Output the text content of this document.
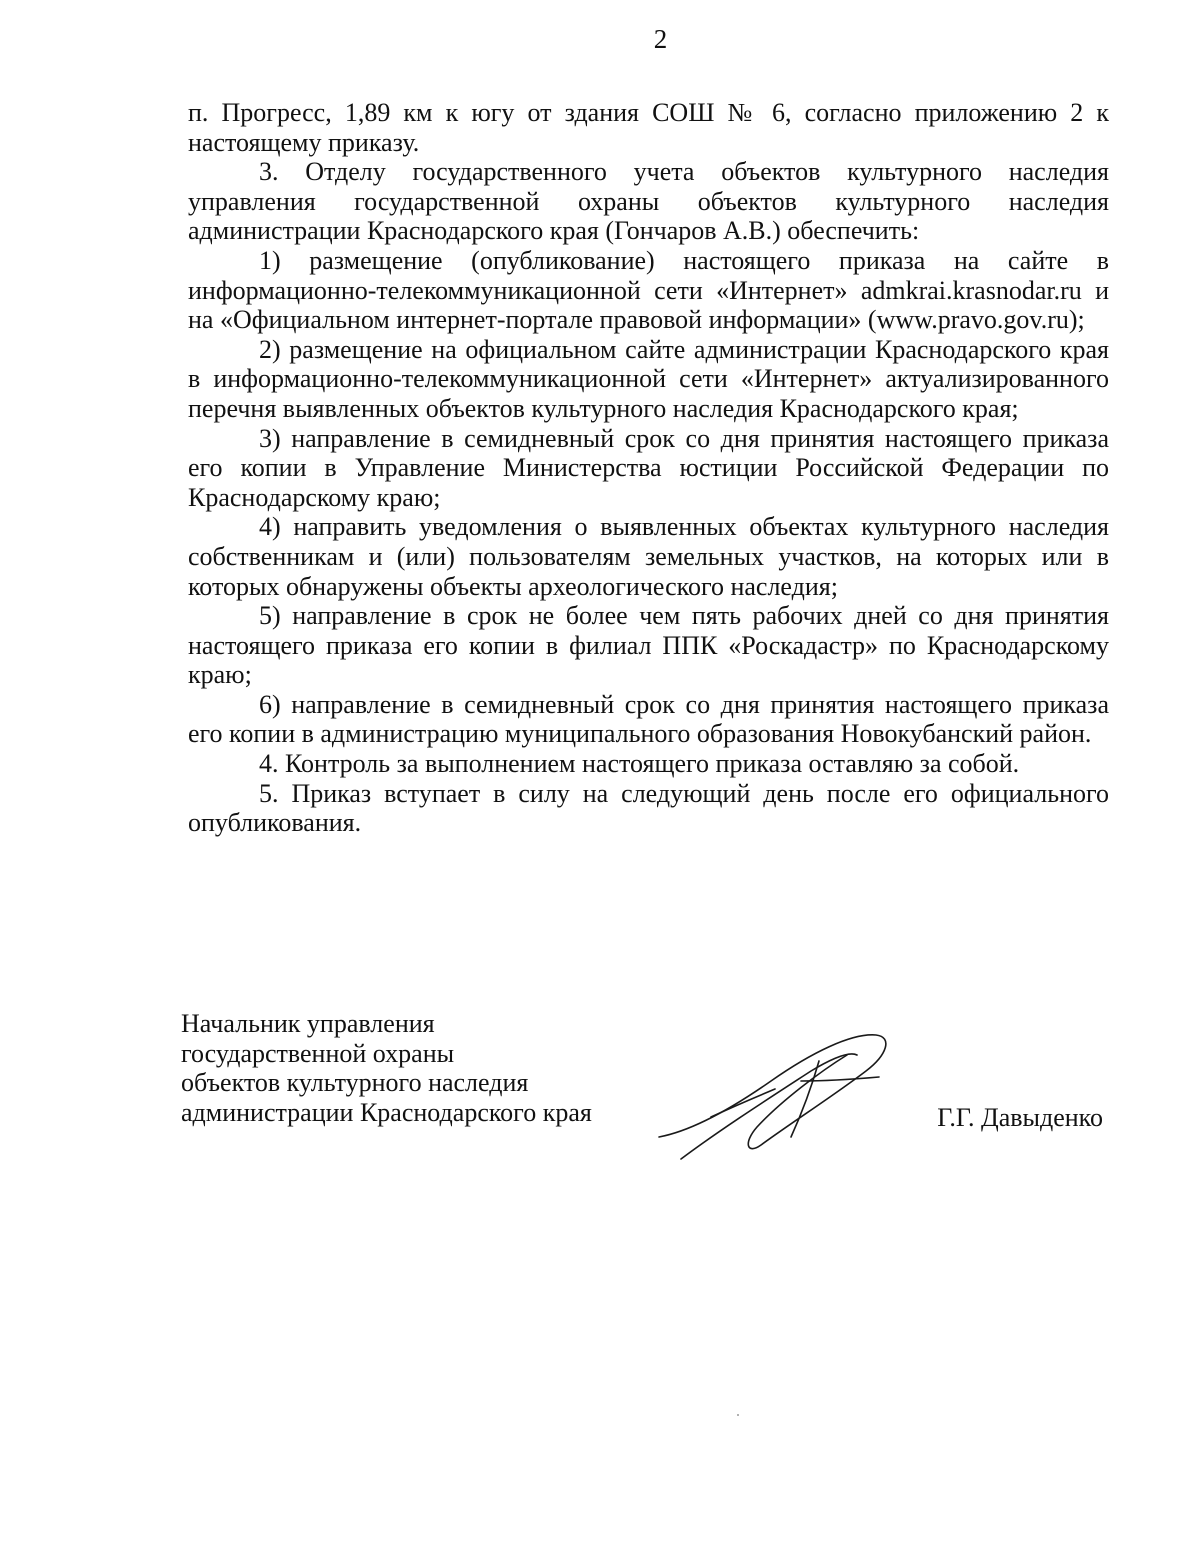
2

п. Прогресс, 1,89 км к югу от здания СОШ № 6, согласно приложению 2 к настоящему приказу.

3. Отделу государственного учета объектов культурного наследия управления государственной охраны объектов культурного наследия администрации Краснодарского края (Гончаров А.В.) обеспечить:

1) размещение (опубликование) настоящего приказа на сайте в информационно-телекоммуникационной сети «Интернет» admkrai.krasnodar.ru и на «Официальном интернет-портале правовой информации» (www.pravo.gov.ru);

2) размещение на официальном сайте администрации Краснодарского края в информационно-телекоммуникационной сети «Интернет» актуализированного перечня выявленных объектов культурного наследия Краснодарского края;

3) направление в семидневный срок со дня принятия настоящего приказа его копии в Управление Министерства юстиции Российской Федерации по Краснодарскому краю;

4) направить уведомления о выявленных объектах культурного наследия собственникам и (или) пользователям земельных участков, на которых или в которых обнаружены объекты археологического наследия;

5) направление в срок не более чем пять рабочих дней со дня принятия настоящего приказа его копии в филиал ППК «Роскадастр» по Краснодарскому краю;

6) направление в семидневный срок со дня принятия настоящего приказа его копии в администрацию муниципального образования Новокубанский район.

4. Контроль за выполнением настоящего приказа оставляю за собой.

5. Приказ вступает в силу на следующий день после его официального опубликования.

Начальник управления
государственной охраны
объектов культурного наследия
администрации Краснодарского края	Г.Г. Давыденко
